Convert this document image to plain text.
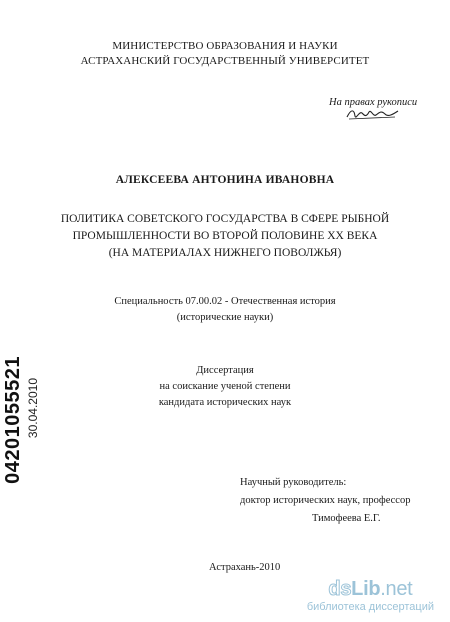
МИНИСТЕРСТВО ОБРАЗОВАНИЯ И НАУКИ
АСТРАХАНСКИЙ ГОСУДАРСТВЕННЫЙ УНИВЕРСИТЕТ
На правах рукописи
АЛЕКСЕЕВА АНТОНИНА ИВАНОВНА
ПОЛИТИКА СОВЕТСКОГО ГОСУДАРСТВА В СФЕРЕ РЫБНОЙ
ПРОМЫШЛЕННОСТИ ВО ВТОРОЙ ПОЛОВИНЕ XX ВЕКА
(НА МАТЕРИАЛАХ НИЖНЕГО ПОВОЛЖЬЯ)
Специальность 07.00.02 - Отечественная история
(исторические науки)
Диссертация
на соискание ученой степени
кандидата исторических наук
Научный руководитель:
доктор исторических наук, профессор
Тимофеева Е.Г.
Астрахань-2010
04201055521 30.04.2010
dsLib.net
библиотека диссертаций
